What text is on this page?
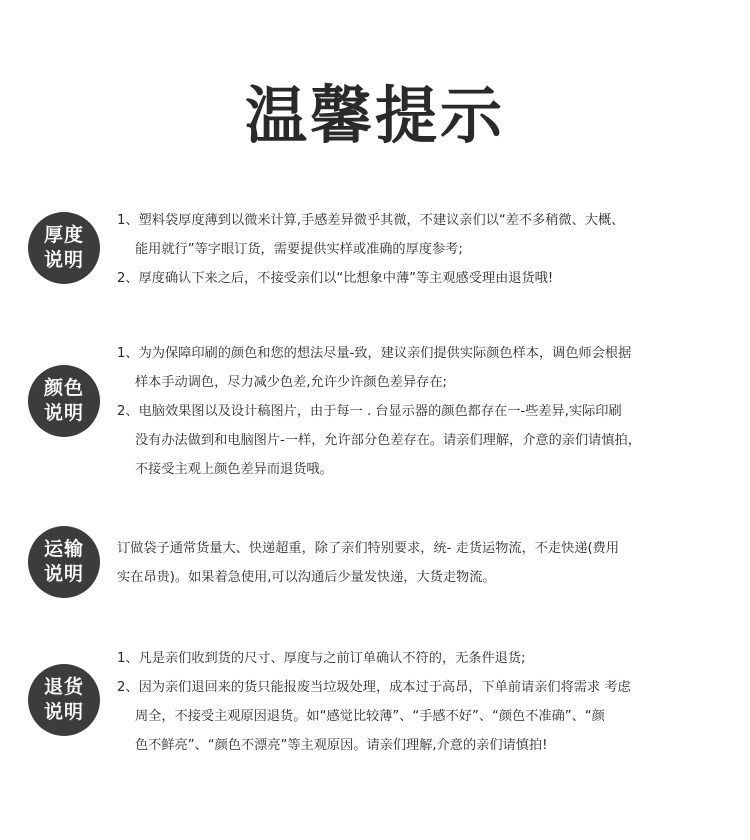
温馨提示
厚度
说明
1、塑料袋厚度薄到以微米计算,手感差异微乎其微，不建议亲们以“差不多稍微、大概、
能用就行”等字眼订货，需要提供实样或准确的厚度参考;
2、厚度确认下来之后，不接受亲们以“比想象中薄”等主观感受理由退货哦!
颜色
说明
1、为为保障印刷的颜色和您的想法尽量-致，建议亲们提供实际颜色样本，调色师会根据
样本手动调色，尽力减少色差,允许少许颜色差异存在;
2、电脑效果图以及设计稿图片，由于每一 . 台显示器的颜色都存在一-些差异,实际印刷
没有办法做到和电脑图片-一样，允许部分色差存在。请亲们理解，介意的亲们请慎拍，
不接受主观上颜色差异而退货哦。
运输
说明
订做袋子通常货量大、快递超重，除了亲们特别要求，统- 走货运物流，不走快递(费用
实在昂贵)。如果着急使用,可以沟通后少量发快递，大货走物流。
退货
说明
1、凡是亲们收到货的尺寸、厚度与之前订单确认不符的，无条件退货;
2、因为亲们退回来的货只能报废当垃圾处理，成本过于高昂，下单前请亲们将需求 考虑
周全，不接受主观原因退货。如“感觉比较薄”、“手感不好”、“颜色不准确”、“颜
色不鲜亮”、“颜色不漂亮”等主观原因。请亲们理解,介意的亲们请慎拍!
